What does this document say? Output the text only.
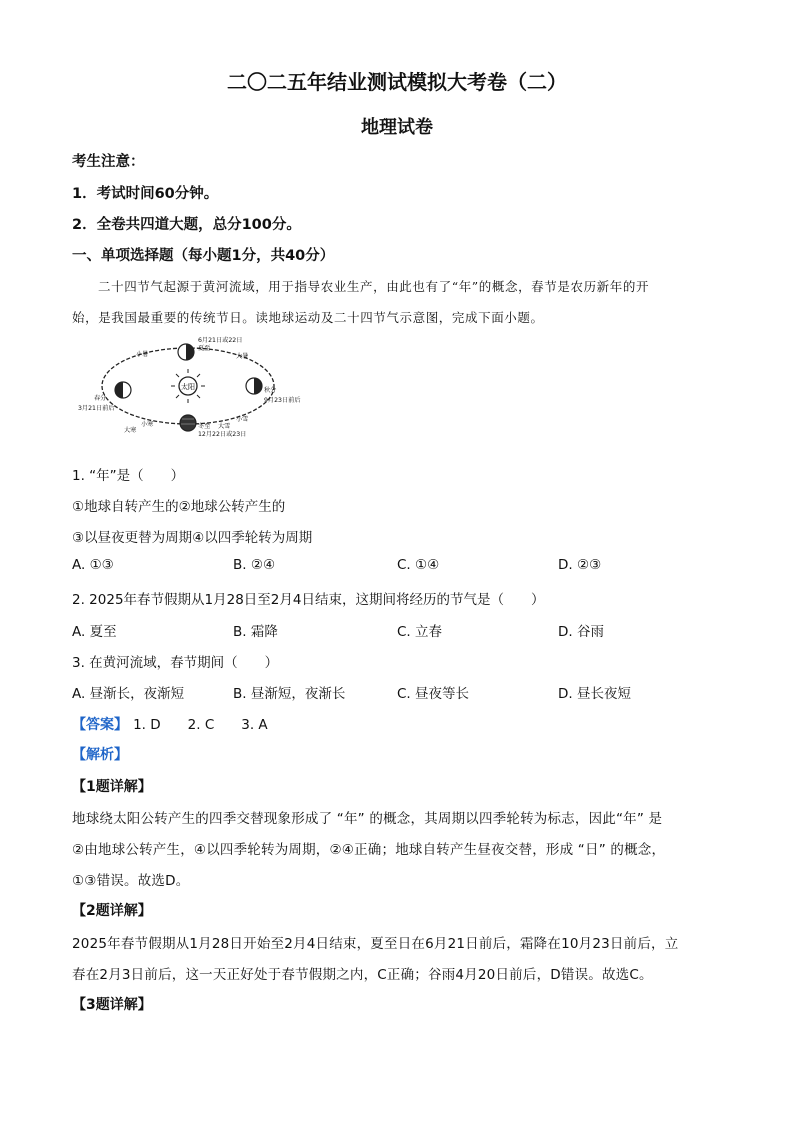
二〇二五年结业测试模拟大考卷（二）
地理试卷
考生注意：
1．考试时间60分钟。
2．全卷共四道大题，总分100分。
一、单项选择题（每小题1分，共40分）
二十四节气起源于黄河流域，用于指导农业生产，由此也有了“年”的概念，春节是农历新年的开
始，是我国最重要的传统节日。读地球运动及二十四节气示意图，完成下面小题。
太阳
6月21日或22日
夏至
小暑	大暑
春分
3月21日前后
秋分
9月23日前后
冬至
12月22日或23日
小寒
大寒
小雪
大雪
1. “年”是（　　）
①地球自转产生的②地球公转产生的
③以昼夜更替为周期④以四季轮转为周期
A. ①③	B. ②④	C. ①④	D. ②③
2. 2025年春节假期从1月28日至2月4日结束，这期间将经历的节气是（　　）
A. 夏至	B. 霜降	C. 立春	D. 谷雨
3. 在黄河流域，春节期间（　　）
A. 昼渐长，夜渐短	B. 昼渐短，夜渐长	C. 昼夜等长	D. 昼长夜短
【答案】 1. D　　2. C　　3. A
【解析】
【1题详解】
地球绕太阳公转产生的四季交替现象形成了 “年” 的概念，其周期以四季轮转为标志，因此“年” 是
②由地球公转产生，④以四季轮转为周期，②④正确；地球自转产生昼夜交替，形成 “日” 的概念，
①③错误。故选D。
【2题详解】
2025年春节假期从1月28日开始至2月4日结束，夏至日在6月21日前后，霜降在10月23日前后，立
春在2月3日前后，这一天正好处于春节假期之内，C正确；谷雨4月20日前后，D错误。故选C。
【3题详解】
